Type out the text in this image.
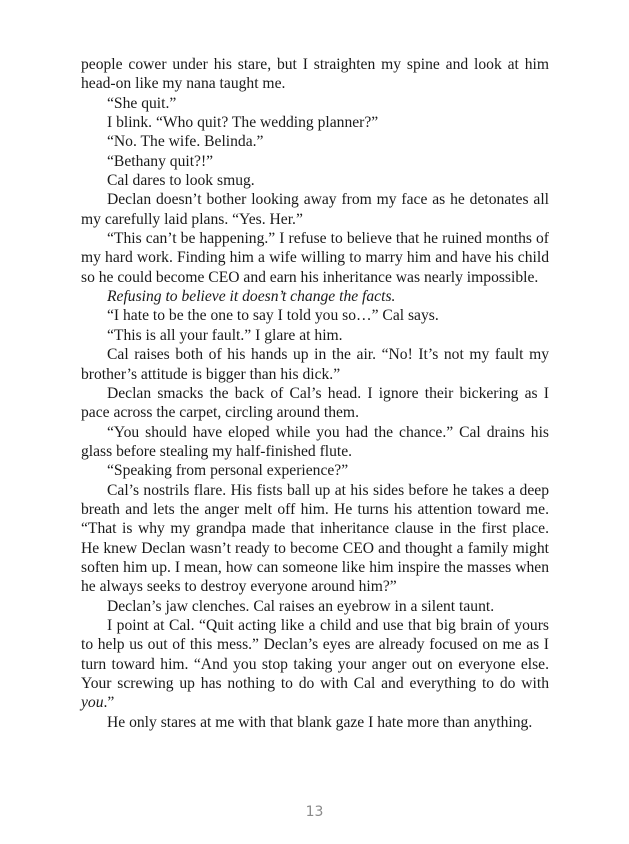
people cower under his stare, but I straighten my spine and look at him head-on like my nana taught me.

“She quit.”

I blink. “Who quit? The wedding planner?”

“No. The wife. Belinda.”

“Bethany quit?!”

Cal dares to look smug.

Declan doesn’t bother looking away from my face as he detonates all my carefully laid plans. “Yes. Her.”

“This can’t be happening.” I refuse to believe that he ruined months of my hard work. Finding him a wife willing to marry him and have his child so he could become CEO and earn his inheritance was nearly impossible.

Refusing to believe it doesn’t change the facts.

“I hate to be the one to say I told you so…” Cal says.

“This is all your fault.” I glare at him.

Cal raises both of his hands up in the air. “No! It’s not my fault my brother’s attitude is bigger than his dick.”

Declan smacks the back of Cal’s head. I ignore their bickering as I pace across the carpet, circling around them.

“You should have eloped while you had the chance.” Cal drains his glass before stealing my half-finished flute.

“Speaking from personal experience?”

Cal’s nostrils flare. His fists ball up at his sides before he takes a deep breath and lets the anger melt off him. He turns his attention toward me. “That is why my grandpa made that inheritance clause in the first place. He knew Declan wasn’t ready to become CEO and thought a family might soften him up. I mean, how can someone like him inspire the masses when he always seeks to destroy everyone around him?”

Declan’s jaw clenches. Cal raises an eyebrow in a silent taunt.

I point at Cal. “Quit acting like a child and use that big brain of yours to help us out of this mess.” Declan’s eyes are already focused on me as I turn toward him. “And you stop taking your anger out on everyone else. Your screwing up has nothing to do with Cal and everything to do with you.”

He only stares at me with that blank gaze I hate more than anything.

13
